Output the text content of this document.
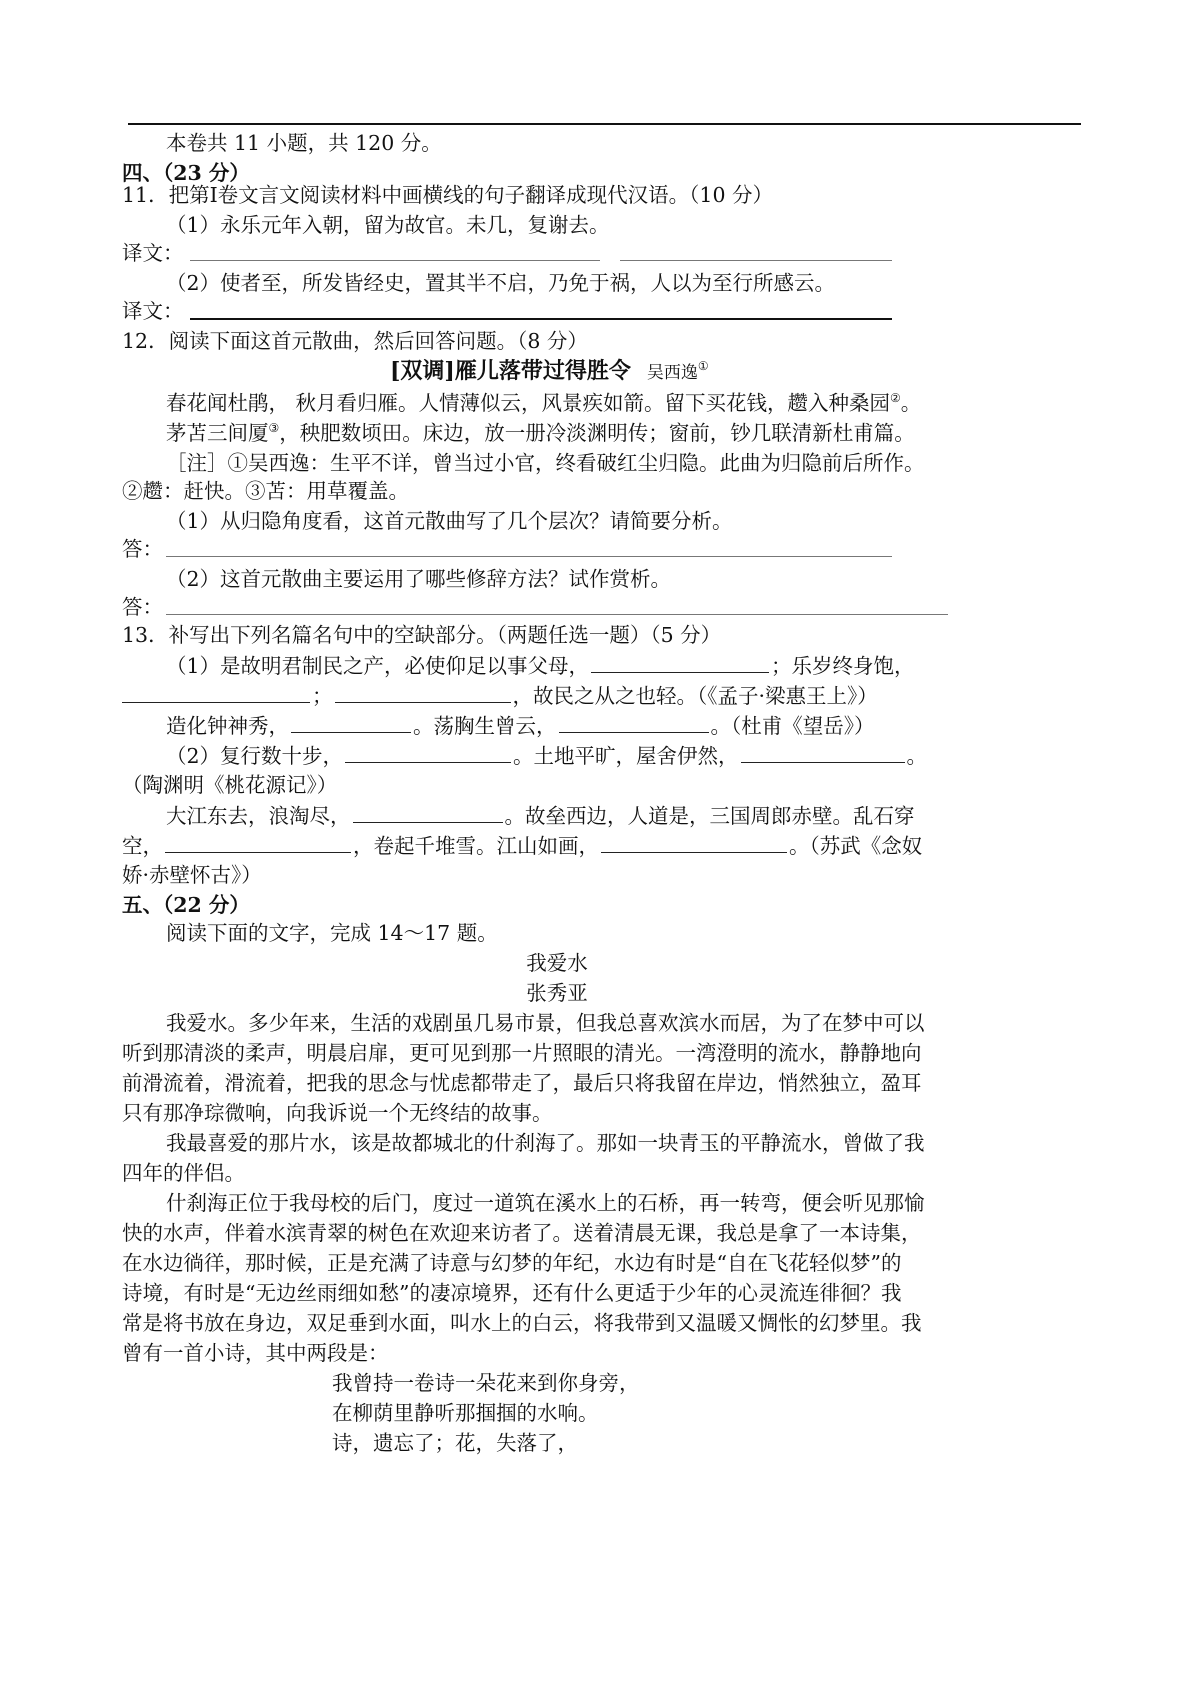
本卷共 11 小题，共 120 分。
四、（23 分）
11．把第Ⅰ卷文言文阅读材料中画横线的句子翻译成现代汉语。（10 分）
（1）永乐元年入朝，留为故官。未几，复谢去。
译文：
（2）使者至，所发皆经史，置其半不启，乃免于祸，人以为至行所感云。
译文：
12．阅读下面这首元散曲，然后回答问题。（8 分）
[双调]雁儿落带过得胜令 吴西逸①
春花闻杜鹃， 秋月看归雁。人情薄似云，风景疾如箭。留下买花钱，趱入种桑园②。
茅苫三间厦③，秧肥数顷田。床边，放一册冷淡渊明传；窗前，钞几联清新杜甫篇。
［注］①吴西逸：生平不详，曾当过小官，终看破红尘归隐。此曲为归隐前后所作。
②趱：赶快。③苫：用草覆盖。
（1）从归隐角度看，这首元散曲写了几个层次？请简要分析。
答：
（2）这首元散曲主要运用了哪些修辞方法？试作赏析。
答：
13．补写出下列名篇名句中的空缺部分。（两题任选一题）（5 分）
（1）是故明君制民之产，必使仰足以事父母，	；乐岁终身饱，
；	，故民之从之也轻。（《孟子·梁惠王上》）
造化钟神秀，	。荡胸生曾云，	。（杜甫《望岳》）
（2）复行数十步，	。土地平旷，屋舍伊然，	。
（陶渊明《桃花源记》）
大江东去，浪淘尽，	。故垒西边，人道是，三国周郎赤壁。乱石穿
空，	，卷起千堆雪。江山如画，	。（苏武《念奴
娇·赤壁怀古》）
五、（22 分）
阅读下面的文字，完成 14～17 题。
我爱水
张秀亚
我爱水。多少年来，生活的戏剧虽几易市景，但我总喜欢滨水而居，为了在梦中可以
听到那清淡的柔声，明晨启扉，更可见到那一片照眼的清光。一湾澄明的流水，静静地向
前滑流着，滑流着，把我的思念与忧虑都带走了，最后只将我留在岸边，悄然独立，盈耳
只有那净琮微响，向我诉说一个无终结的故事。
我最喜爱的那片水，该是故都城北的什刹海了。那如一块青玉的平静流水，曾做了我
四年的伴侣。
什刹海正位于我母校的后门，度过一道筑在溪水上的石桥，再一转弯，便会听见那愉
快的水声，伴着水滨青翠的树色在欢迎来访者了。送着清晨无课，我总是拿了一本诗集，
在水边徜徉，那时候，正是充满了诗意与幻梦的年纪，水边有时是“自在飞花轻似梦”的
诗境，有时是“无边丝雨细如愁”的凄凉境界，还有什么更适于少年的心灵流连徘徊？我
常是将书放在身边，双足垂到水面，叫水上的白云，将我带到又温暖又惆怅的幻梦里。我
曾有一首小诗，其中两段是：
我曾持一卷诗一朵花来到你身旁，
在柳荫里静听那掴掴的水响。
诗，遗忘了；花，失落了，
